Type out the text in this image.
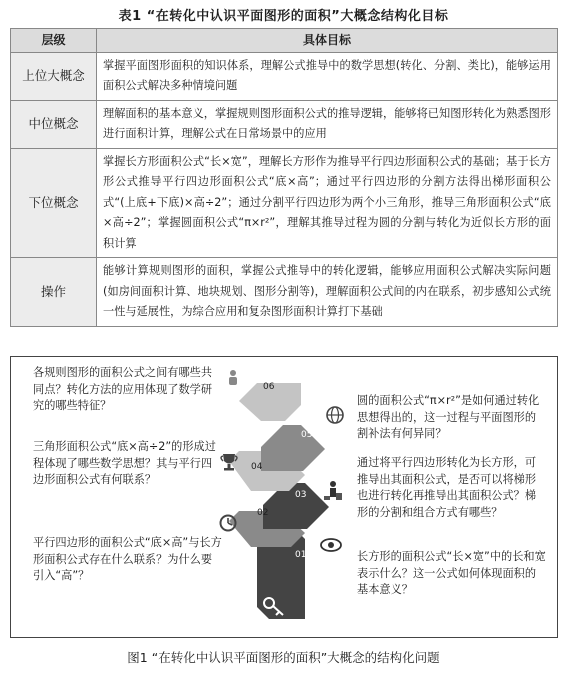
表1 “在转化中认识平面图形的面积”大概念结构化目标
层级	具体目标
上位大概念	掌握平面图形面积的知识体系，理解公式推导中的数学思想(转化、分割、类比)，能够运用面积公式解决多种情境问题
中位概念	理解面积的基本意义，掌握规则图形面积公式的推导逻辑，能够将已知图形转化为熟悉图形进行面积计算，理解公式在日常场景中的应用
下位概念	掌握长方形面积公式“长×宽”，理解长方形作为推导平行四边形面积公式的基础；基于长方形公式推导平行四边形面积公式“底×高”；通过平行四边形的分割方法得出梯形面积公式“(上底+下底)×高÷2”；通过分割平行四边形为两个小三角形，推导三角形面积公式“底×高÷2”；掌握圆面积公式“π×r²”，理解其推导过程为圆的分割与转化为近似长方形的面积计算
操作	能够计算规则图形的面积，掌握公式推导中的转化逻辑，能够应用面积公式解决实际问题(如房间面积计算、地块规划、图形分割等)，理解面积公式间的内在联系，初步感知公式统一性与延展性，为综合应用和复杂图形面积计算打下基础
01
02
03
04
05
06
各规则图形的面积公式之间有哪些共同点？转化方法的应用体现了数学研究的哪些特征？	圆的面积公式“π×r²”是如何通过转化思想得出的，这一过程与平面图形的割补法有何异同？
三角形面积公式“底×高÷2”的形成过程体现了哪些数学思想？其与平行四边形面积公式有何联系？
通过将平行四边形转化为长方形，可推导出其面积公式，是否可以将梯形也进行转化再推导出其面积公式？梯形的分割和组合方式有哪些？
平行四边形的面积公式“底×高”与长方形面积公式存在什么联系？为什么要引入“高”？
长方形的面积公式“长×宽”中的长和宽表示什么？这一公式如何体现面积的基本意义？
图1 “在转化中认识平面图形的面积”大概念的结构化问题
